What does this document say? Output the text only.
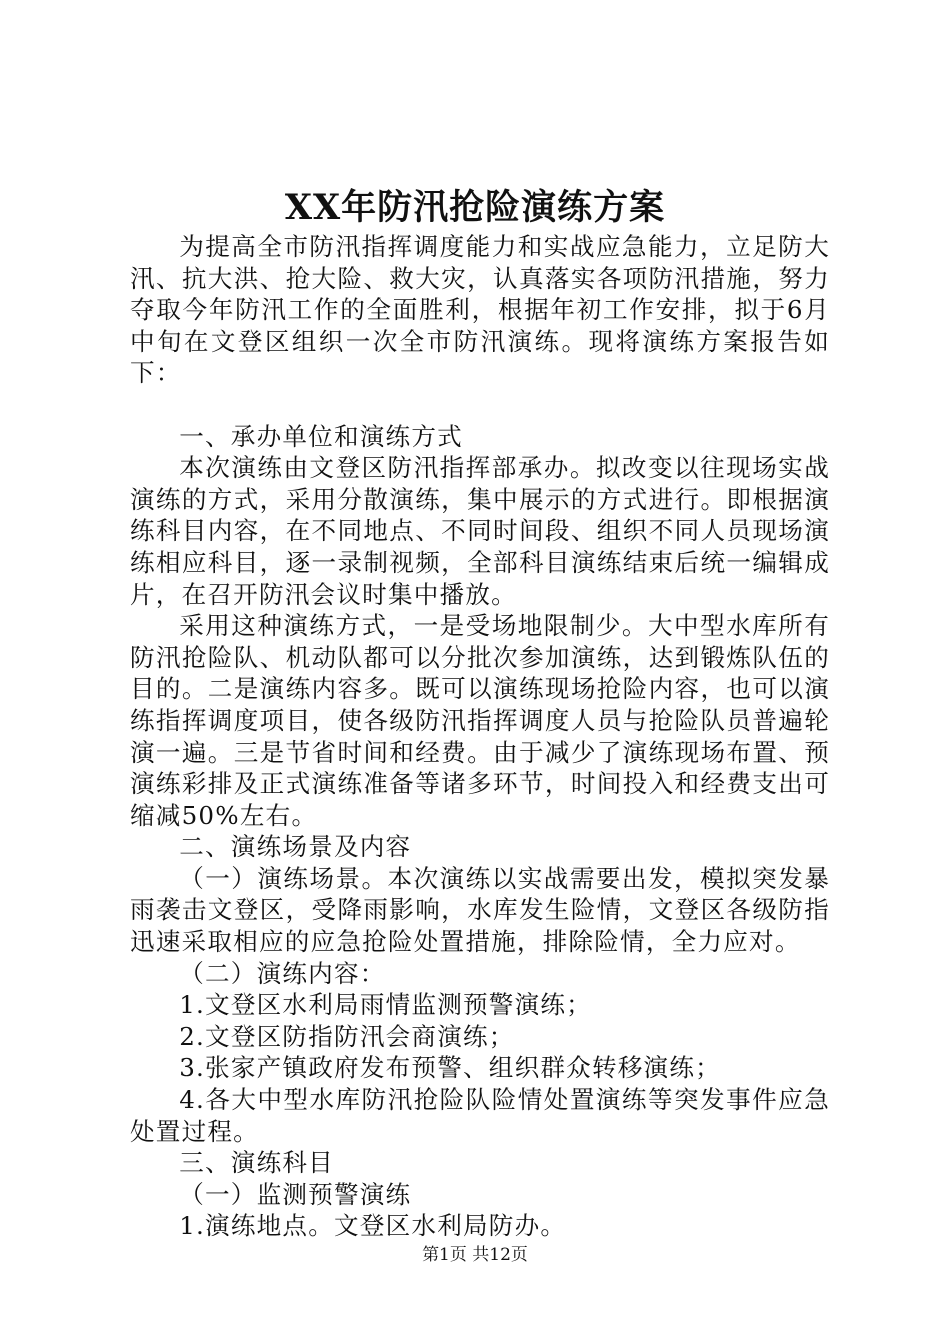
XX年防汛抢险演练方案

为提高全市防汛指挥调度能力和实战应急能力，立足防大汛、抗大洪、抢大险、救大灾，认真落实各项防汛措施，努力夺取今年防汛工作的全面胜利，根据年初工作安排，拟于6月中旬在文登区组织一次全市防汛演练。现将演练方案报告如下：

一、承办单位和演练方式

本次演练由文登区防汛指挥部承办。拟改变以往现场实战演练的方式，采用分散演练，集中展示的方式进行。即根据演练科目内容，在不同地点、不同时间段、组织不同人员现场演练相应科目，逐一录制视频，全部科目演练结束后统一编辑成片，在召开防汛会议时集中播放。

采用这种演练方式，一是受场地限制少。大中型水库所有防汛抢险队、机动队都可以分批次参加演练，达到锻炼队伍的目的。二是演练内容多。既可以演练现场抢险内容，也可以演练指挥调度项目，使各级防汛指挥调度人员与抢险队员普遍轮演一遍。三是节省时间和经费。由于减少了演练现场布置、预演练彩排及正式演练准备等诸多环节，时间投入和经费支出可缩减50%左右。

二、演练场景及内容

（一）演练场景。本次演练以实战需要出发，模拟突发暴雨袭击文登区，受降雨影响，水库发生险情，文登区各级防指迅速采取相应的应急抢险处置措施，排除险情，全力应对。

（二）演练内容：

1.文登区水利局雨情监测预警演练；

2.文登区防指防汛会商演练；

3.张家产镇政府发布预警、组织群众转移演练；

4.各大中型水库防汛抢险队险情处置演练等突发事件应急处置过程。

三、演练科目

（一）监测预警演练

1.演练地点。文登区水利局防办。

第1页 共12页
